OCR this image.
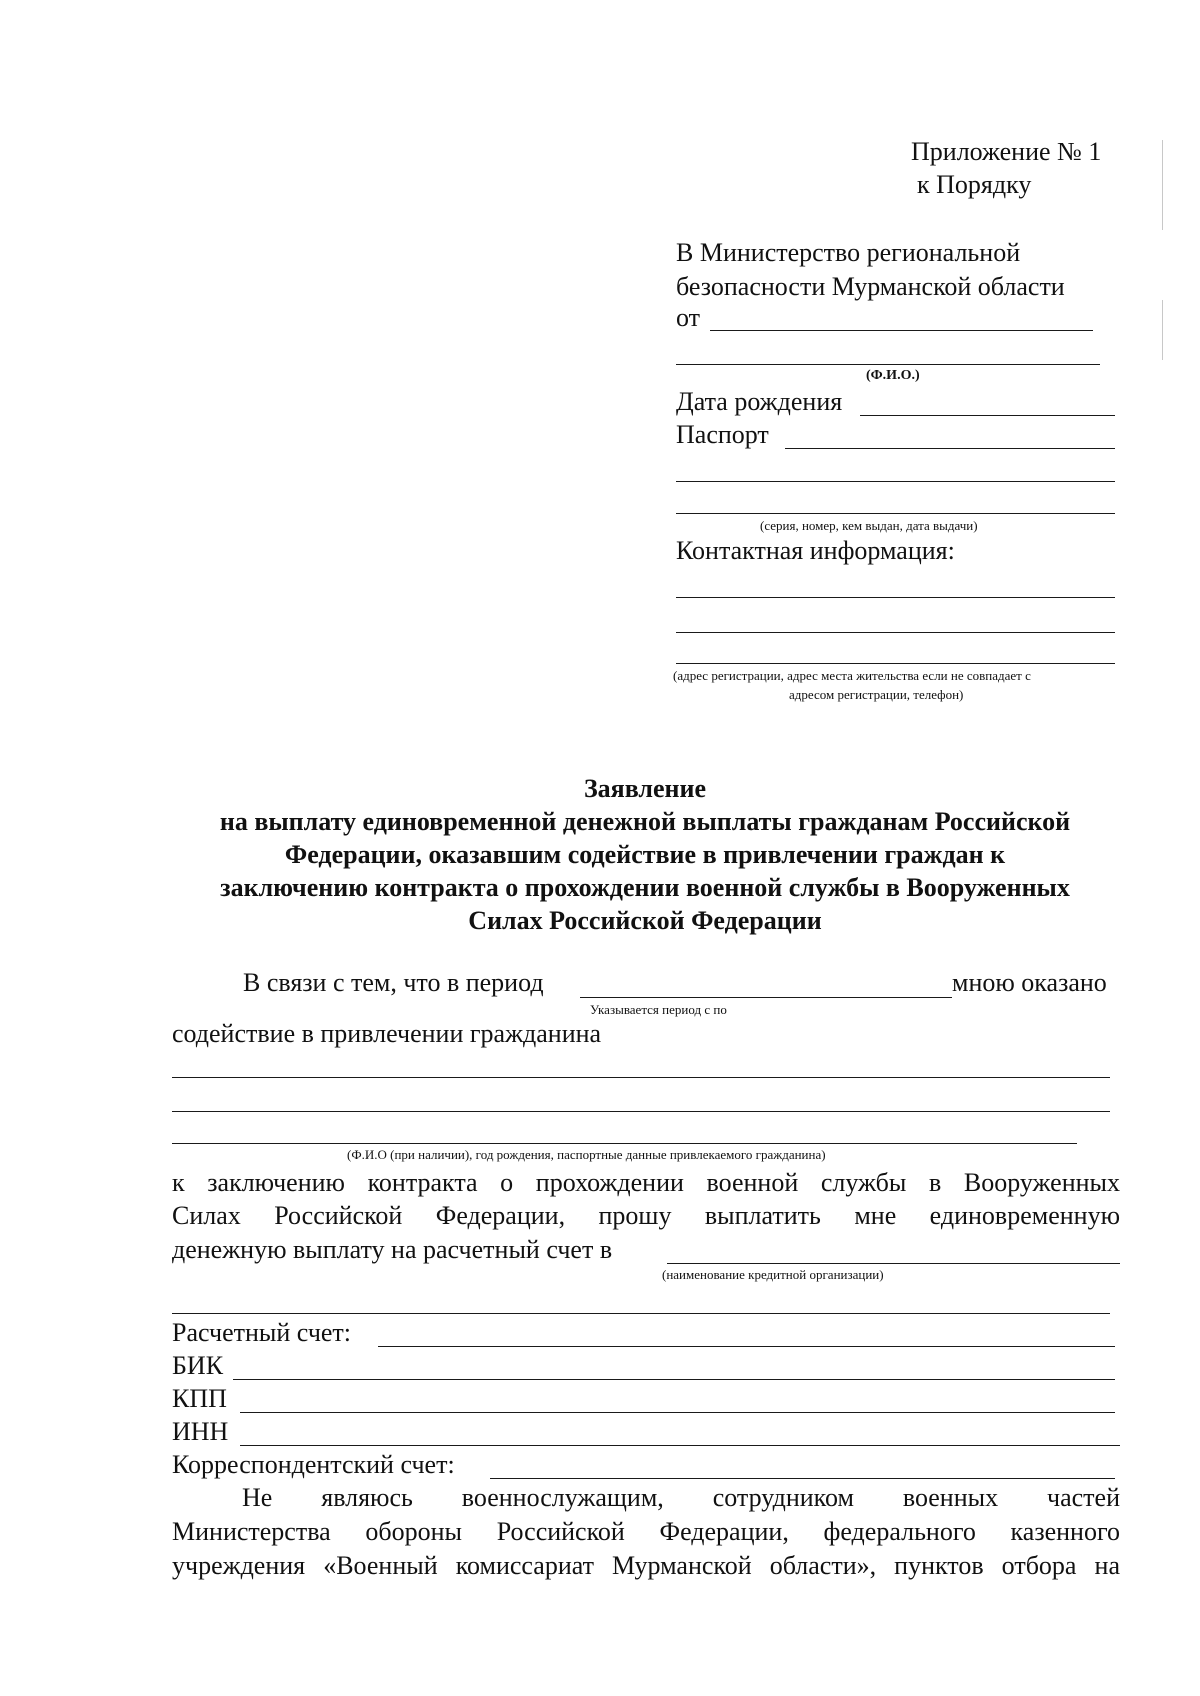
Приложение № 1
к Порядку
В Министерство региональной
безопасности Мурманской области
от
(Ф.И.О.)
Дата рождения
Паспорт
(серия, номер, кем выдан, дата выдачи)
Контактная информация:
(адрес регистрации, адрес места жительства если не совпадает с
адресом регистрации, телефон)
Заявление
на выплату единовременной денежной выплаты гражданам Российской
Федерации, оказавшим содействие в привлечении граждан к
заключению контракта о прохождении военной службы в Вооруженных
Силах Российской Федерации
В связи с тем, что в период	мною оказано
Указывается период с по
содействие в привлечении гражданина
(Ф.И.О (при наличии), год рождения, паспортные данные привлекаемого гражданина)
к заключению контракта о прохождении военной службы в Вооруженных
Силах Российской Федерации, прошу выплатить мне единовременную
денежную выплату на расчетный счет в
(наименование кредитной организации)
Расчетный счет:
БИК
КПП
ИНН
Корреспондентский счет:
Не являюсь военнослужащим, сотрудником военных частей
Министерства обороны Российской Федерации, федерального казенного
учреждения «Военный комиссариат Мурманской области», пунктов отбора на
